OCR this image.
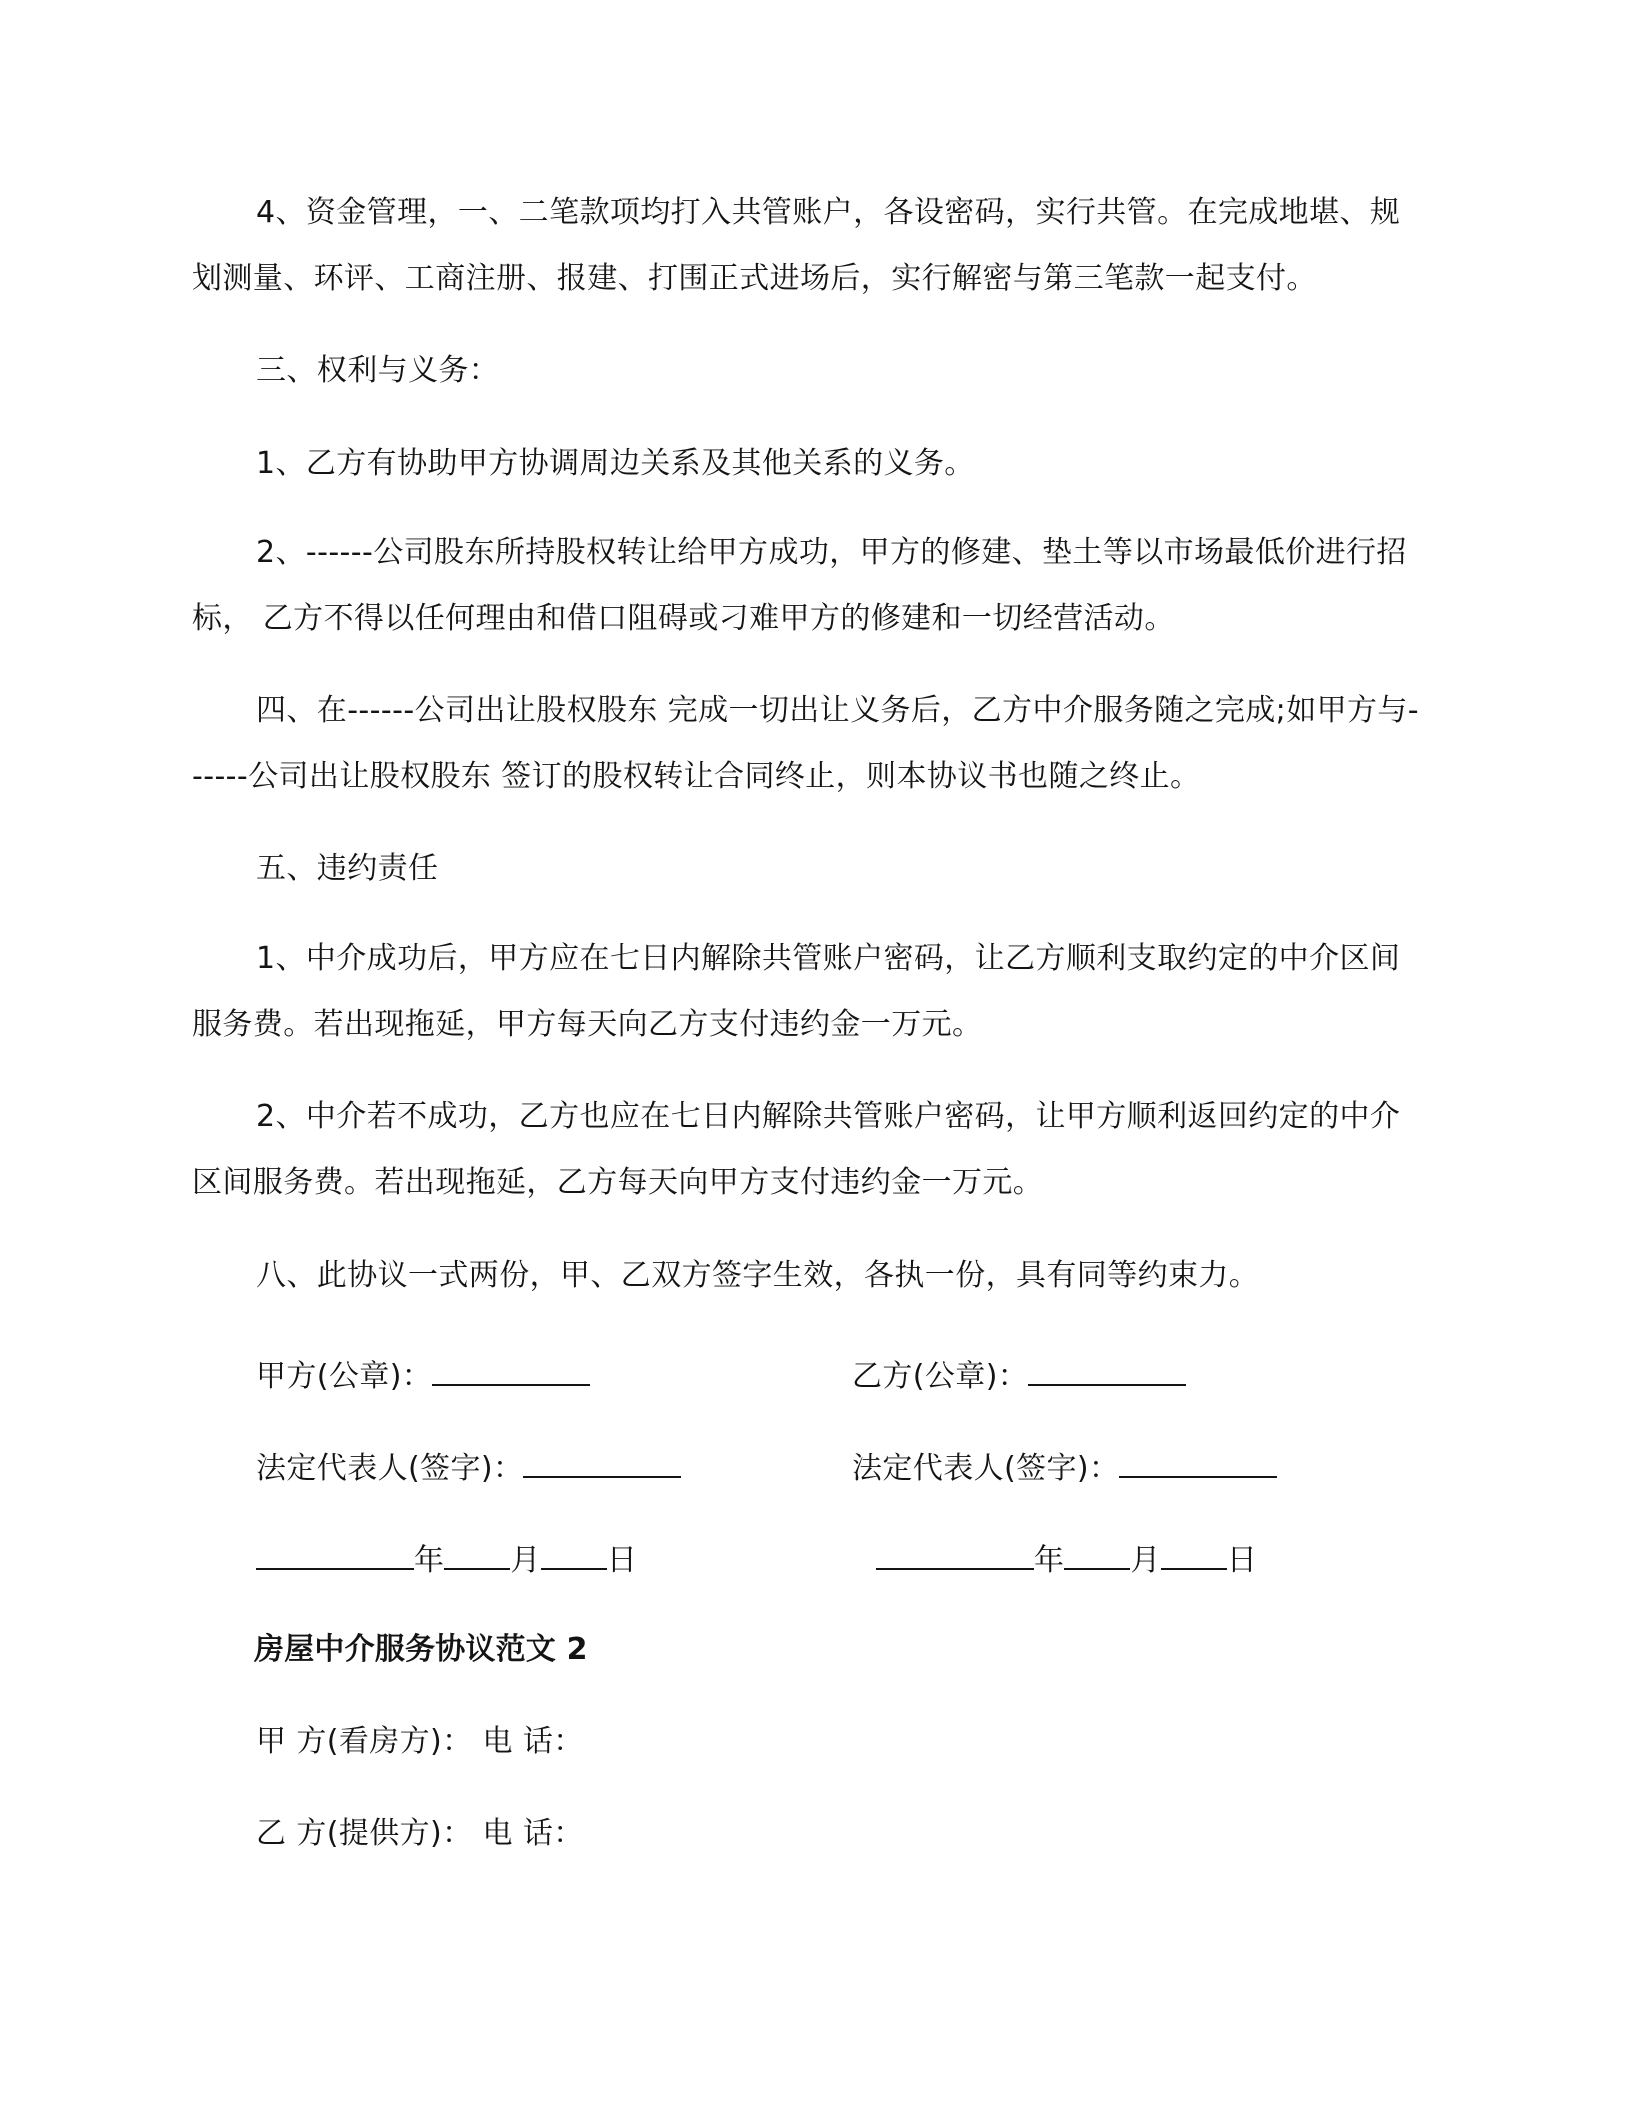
4、资金管理，一、二笔款项均打入共管账户，各设密码，实行共管。在完成地堪、规划测量、环评、工商注册、报建、打围正式进场后，实行解密与第三笔款一起支付。

三、权利与义务：

1、乙方有协助甲方协调周边关系及其他关系的义务。

2、------公司股东所持股权转让给甲方成功，甲方的修建、垫土等以市场最低价进行招标， 乙方不得以任何理由和借口阻碍或刁难甲方的修建和一切经营活动。

四、在------公司出让股权股东 完成一切出让义务后，乙方中介服务随之完成;如甲方与------公司出让股权股东 签订的股权转让合同终止，则本协议书也随之终止。

五、违约责任

1、中介成功后，甲方应在七日内解除共管账户密码，让乙方顺利支取约定的中介区间服务费。若出现拖延，甲方每天向乙方支付违约金一万元。

2、中介若不成功，乙方也应在七日内解除共管账户密码，让甲方顺利返回约定的中介区间服务费。若出现拖延，乙方每天向甲方支付违约金一万元。

八、此协议一式两份，甲、乙双方签字生效，各执一份，具有同等约束力。

甲方(公章)：	乙方(公章)：
法定代表人(签字)：	法定代表人(签字)：
年 月 日	年 月 日
房屋中介服务协议范文 2
甲 方(看房方)： 电 话：
乙 方(提供方)： 电 话：
